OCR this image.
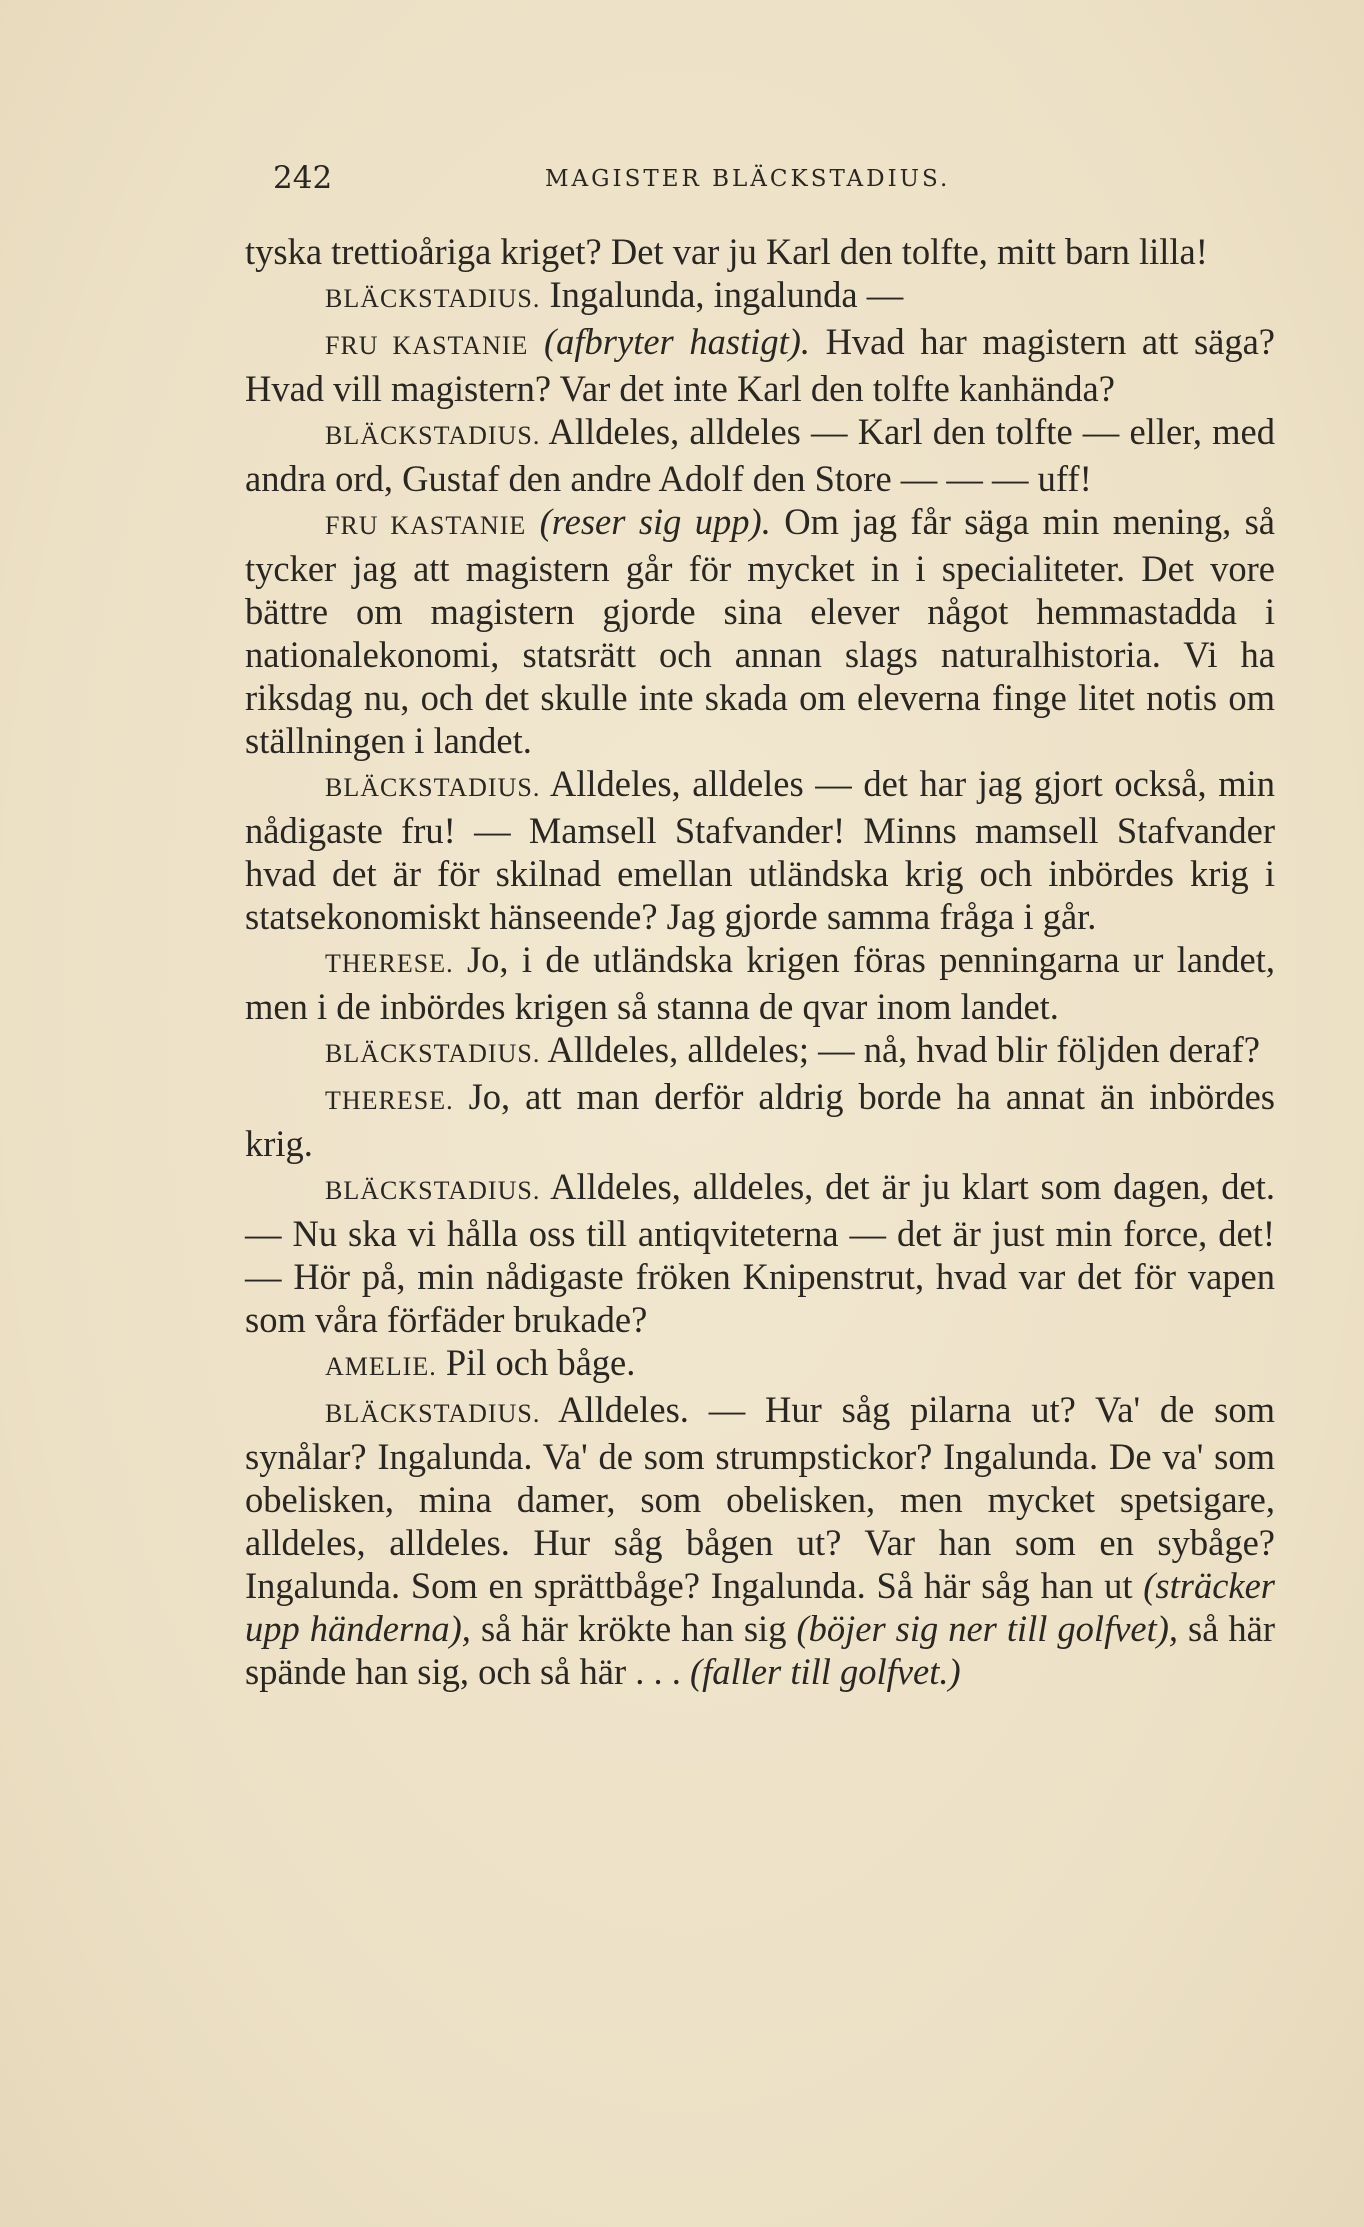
242	MAGISTER BLÄCKSTADIUS.

tyska trettioåriga kriget? Det var ju Karl den tolfte, mitt barn lilla!

BLÄCKSTADIUS. Ingalunda, ingalunda —

FRU KASTANIE (afbryter hastigt). Hvad har magistern att säga? Hvad vill magistern? Var det inte Karl den tolfte kanhända?

BLÄCKSTADIUS. Alldeles, alldeles — Karl den tolfte — eller, med andra ord, Gustaf den andre Adolf den Store — — — uff!

FRU KASTANIE (reser sig upp). Om jag får säga min mening, så tycker jag att magistern går för mycket in i specialiteter. Det vore bättre om magistern gjorde sina elever något hemmastadda i nationalekonomi, statsrätt och annan slags naturalhistoria. Vi ha riksdag nu, och det skulle inte skada om eleverna finge litet notis om ställningen i landet.

BLÄCKSTADIUS. Alldeles, alldeles — det har jag gjort också, min nådigaste fru! — Mamsell Stafvander! Minns mamsell Stafvander hvad det är för skilnad emellan utländska krig och inbördes krig i statsekonomiskt hänseende? Jag gjorde samma fråga i går.

THERESE. Jo, i de utländska krigen föras penningarna ur landet, men i de inbördes krigen så stanna de qvar inom landet.

BLÄCKSTADIUS. Alldeles, alldeles; — nå, hvad blir följden deraf?

THERESE. Jo, att man derför aldrig borde ha annat än inbördes krig.

BLÄCKSTADIUS. Alldeles, alldeles, det är ju klart som dagen, det. — Nu ska vi hålla oss till antiqviteterna — det är just min force, det! — Hör på, min nådigaste fröken Knipenstrut, hvad var det för vapen som våra förfäder brukade?

AMELIE. Pil och båge.

BLÄCKSTADIUS. Alldeles. — Hur såg pilarna ut? Va' de som synålar? Ingalunda. Va' de som strumpstickor? Ingalunda. De va' som obelisken, mina damer, som obelisken, men mycket spetsigare, alldeles, alldeles. Hur såg bågen ut? Var han som en sybåge? Ingalunda. Som en sprättbåge? Ingalunda. Så här såg han ut (sträcker upp händerna), så här krökte han sig (böjer sig ner till golfvet), så här spände han sig, och så här . . . (faller till golfvet.)
